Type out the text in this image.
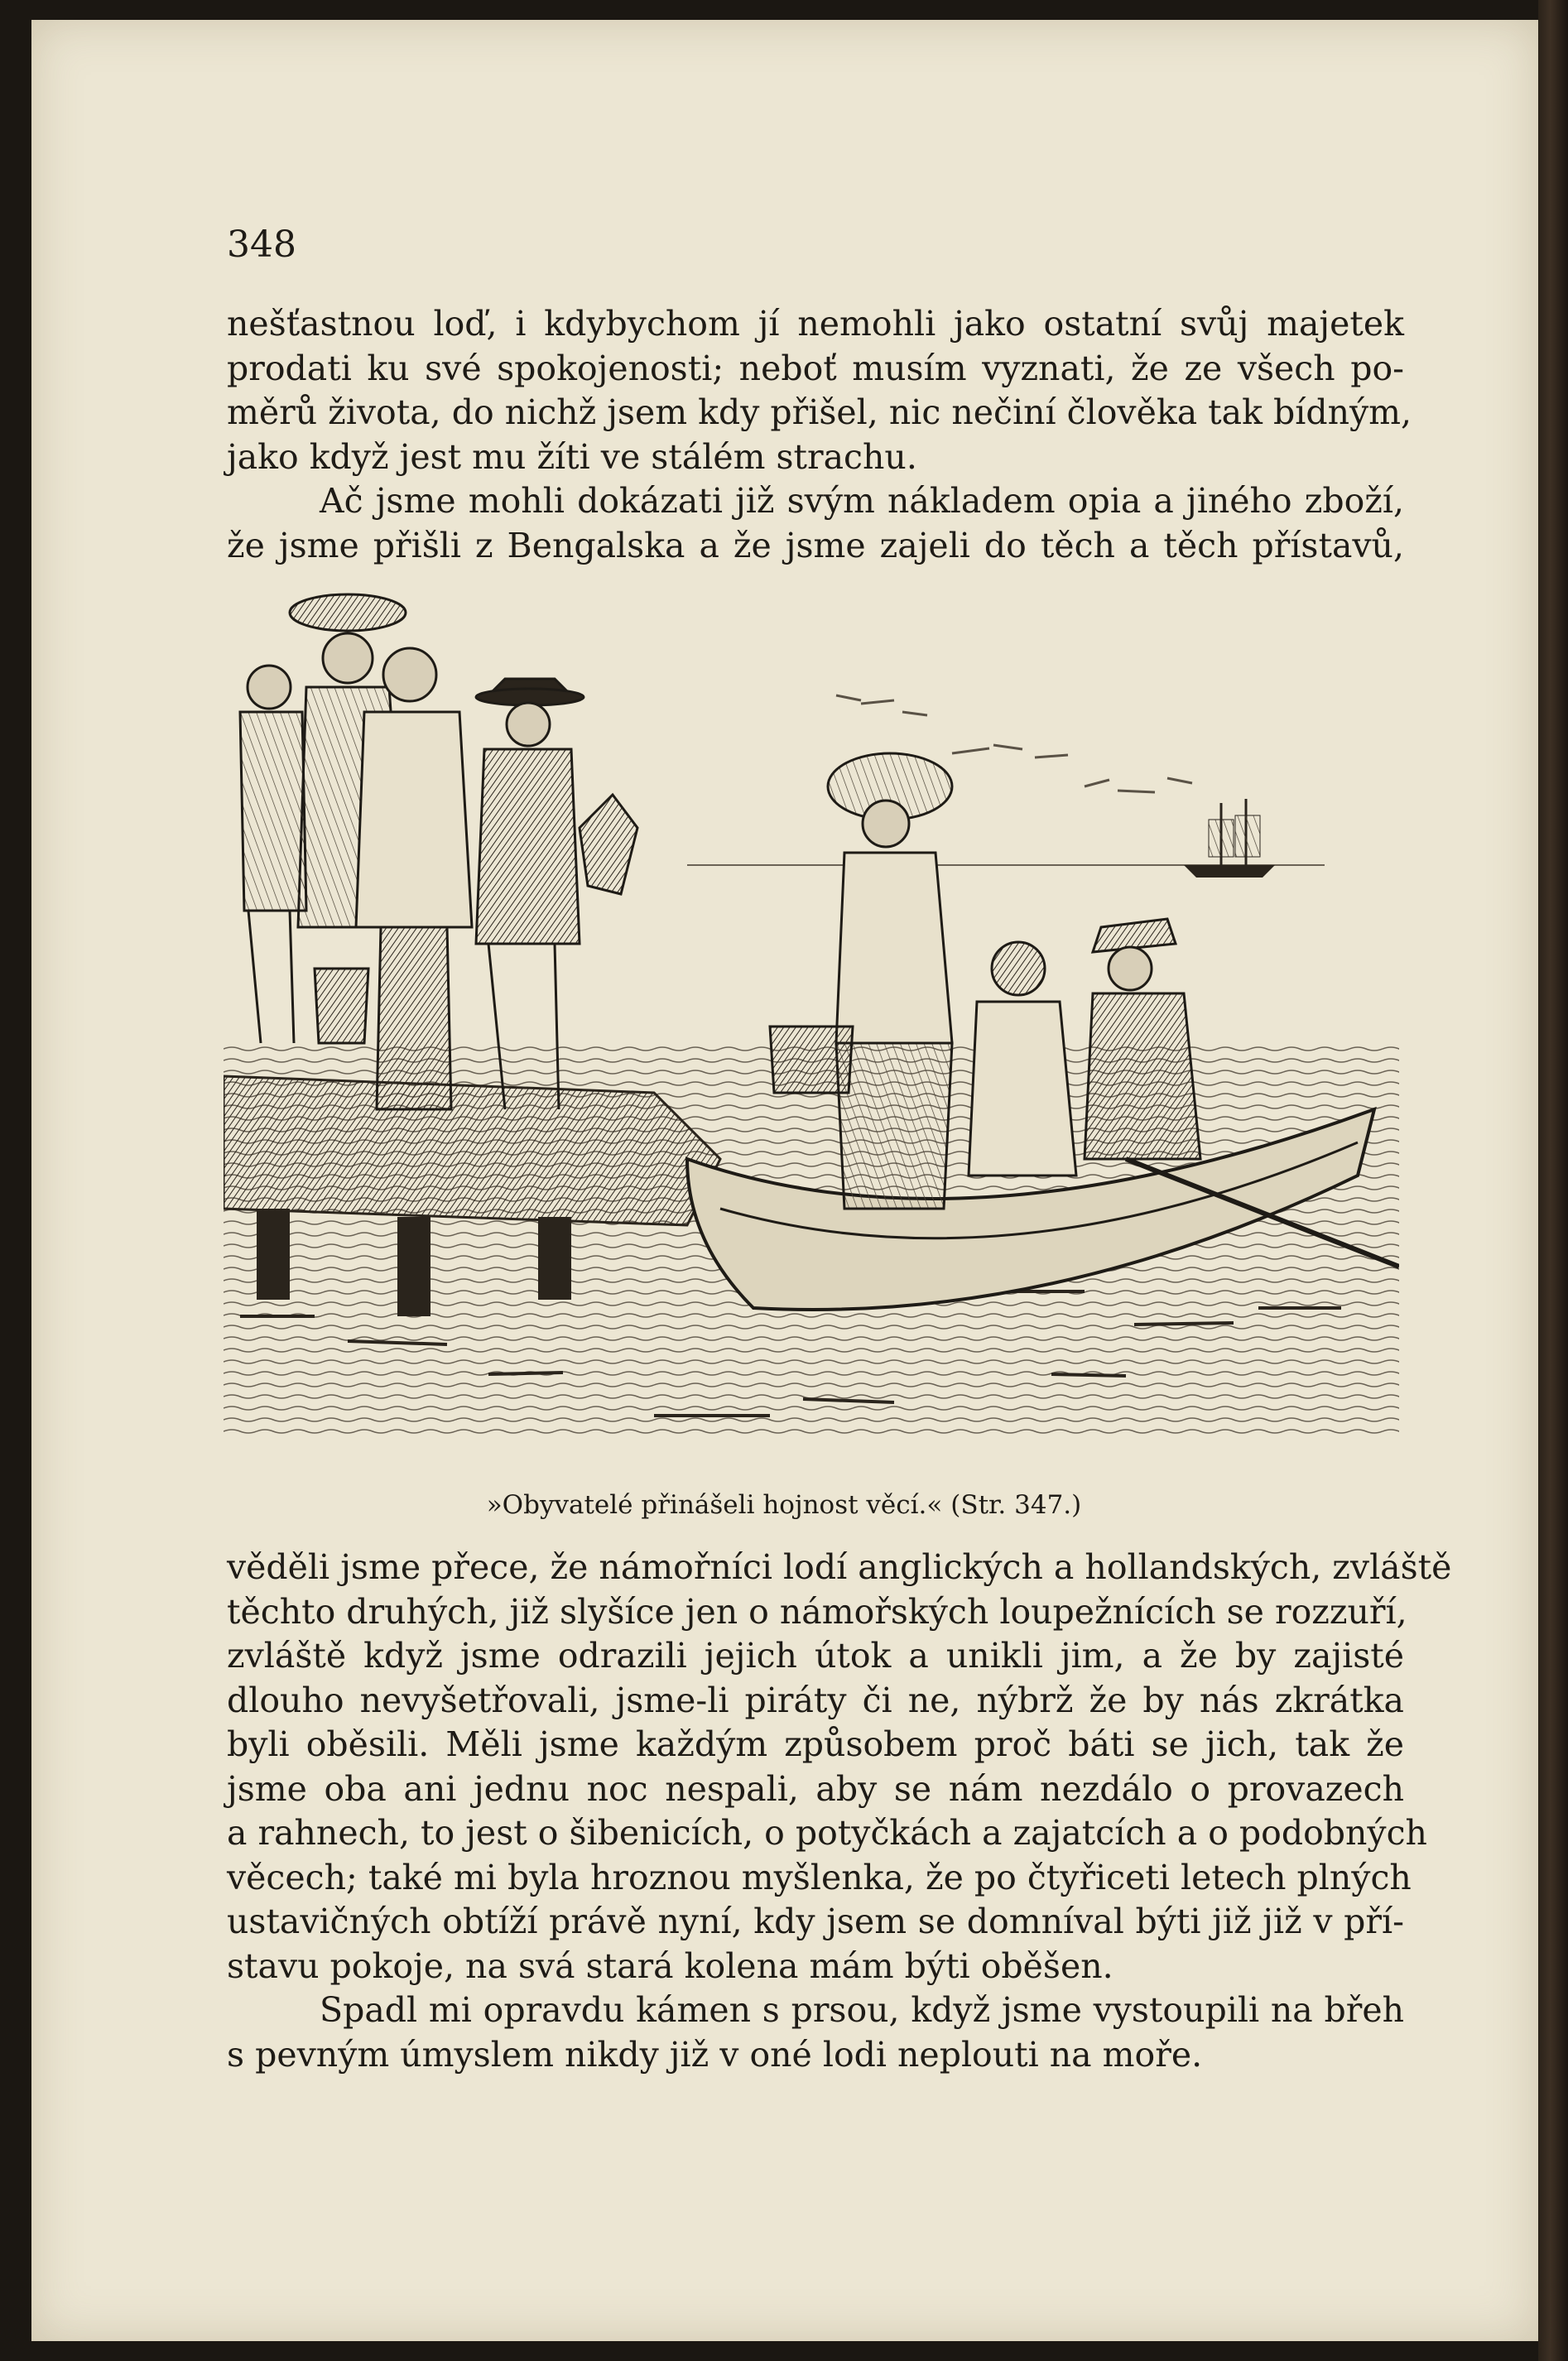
348

nešťastnou loď, i kdybychom jí nemohli jako ostatní svůj majetek
prodati ku své spokojenosti; neboť musím vyznati, že ze všech po-
měrů života, do nichž jsem kdy přišel, nic nečiní člověka tak bídným,
jako když jest mu žíti ve stálém strachu.
Ač jsme mohli dokázati již svým nákladem opia a jiného zboží,
že jsme přišli z Bengalska a že jsme zajeli do těch a těch přístavů,

»Obyvatelé přinášeli hojnost věcí.« (Str. 347.)

věděli jsme přece, že námořníci lodí anglických a hollandských, zvláště
těchto druhých, již slyšíce jen o námořských loupežnících se rozzuří,
zvláště když jsme odrazili jejich útok a unikli jim, a že by zajisté
dlouho nevyšetřovali, jsme-li piráty či ne, nýbrž že by nás zkrátka
byli oběsili. Měli jsme každým způsobem proč báti se jich, tak že
jsme oba ani jednu noc nespali, aby se nám nezdálo o provazech
a rahnech, to jest o šibenicích, o potyčkách a zajatcích a o podobných
věcech; také mi byla hroznou myšlenka, že po čtyřiceti letech plných
ustavičných obtíží právě nyní, kdy jsem se domníval býti již již v pří-
stavu pokoje, na svá stará kolena mám býti oběšen.
Spadl mi opravdu kámen s prsou, když jsme vystoupili na břeh
s pevným úmyslem nikdy již v oné lodi neplouti na moře.
